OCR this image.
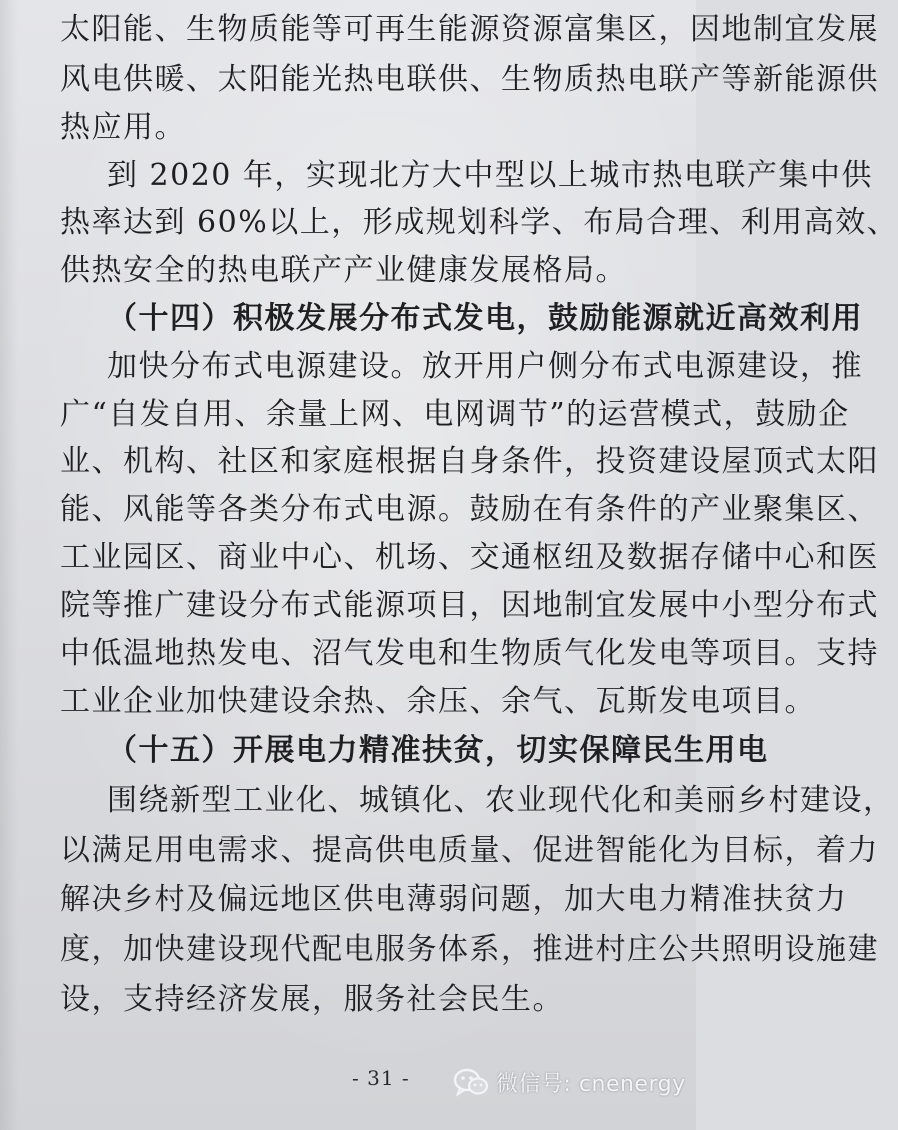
太阳能、生物质能等可再生能源资源富集区，因地制宜发展
风电供暖、太阳能光热电联供、生物质热电联产等新能源供
热应用。
到 2020 年，实现北方大中型以上城市热电联产集中供
热率达到 60%以上，形成规划科学、布局合理、利用高效、
供热安全的热电联产产业健康发展格局。
（十四）积极发展分布式发电，鼓励能源就近高效利用
加快分布式电源建设。放开用户侧分布式电源建设，推
广“自发自用、余量上网、电网调节”的运营模式，鼓励企
业、机构、社区和家庭根据自身条件，投资建设屋顶式太阳
能、风能等各类分布式电源。鼓励在有条件的产业聚集区、
工业园区、商业中心、机场、交通枢纽及数据存储中心和医
院等推广建设分布式能源项目，因地制宜发展中小型分布式
中低温地热发电、沼气发电和生物质气化发电等项目。支持
工业企业加快建设余热、余压、余气、瓦斯发电项目。
（十五）开展电力精准扶贫，切实保障民生用电
围绕新型工业化、城镇化、农业现代化和美丽乡村建设，
以满足用电需求、提高供电质量、促进智能化为目标，着力
解决乡村及偏远地区供电薄弱问题，加大电力精准扶贫力
度，加快建设现代配电服务体系，推进村庄公共照明设施建
设，支持经济发展，服务社会民生。
- 31 -	微信号: cnenergy
